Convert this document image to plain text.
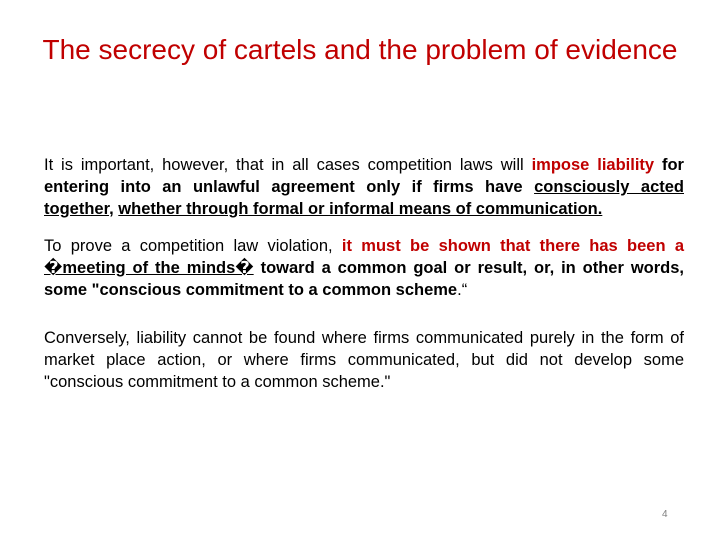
The secrecy of cartels and the problem of evidence

It is important, however, that in all cases competition laws will impose liability for entering into an unlawful agreement only if firms have consciously acted together, whether through formal or informal means of communication.

To prove a competition law violation, it must be shown that there has been a �meeting of the minds� toward a common goal or result, or, in other words, some "conscious commitment to a common scheme.“

Conversely, liability cannot be found where firms communicated purely in the form of market place action, or where firms communicated, but did not develop some "conscious commitment to a common scheme."

4
